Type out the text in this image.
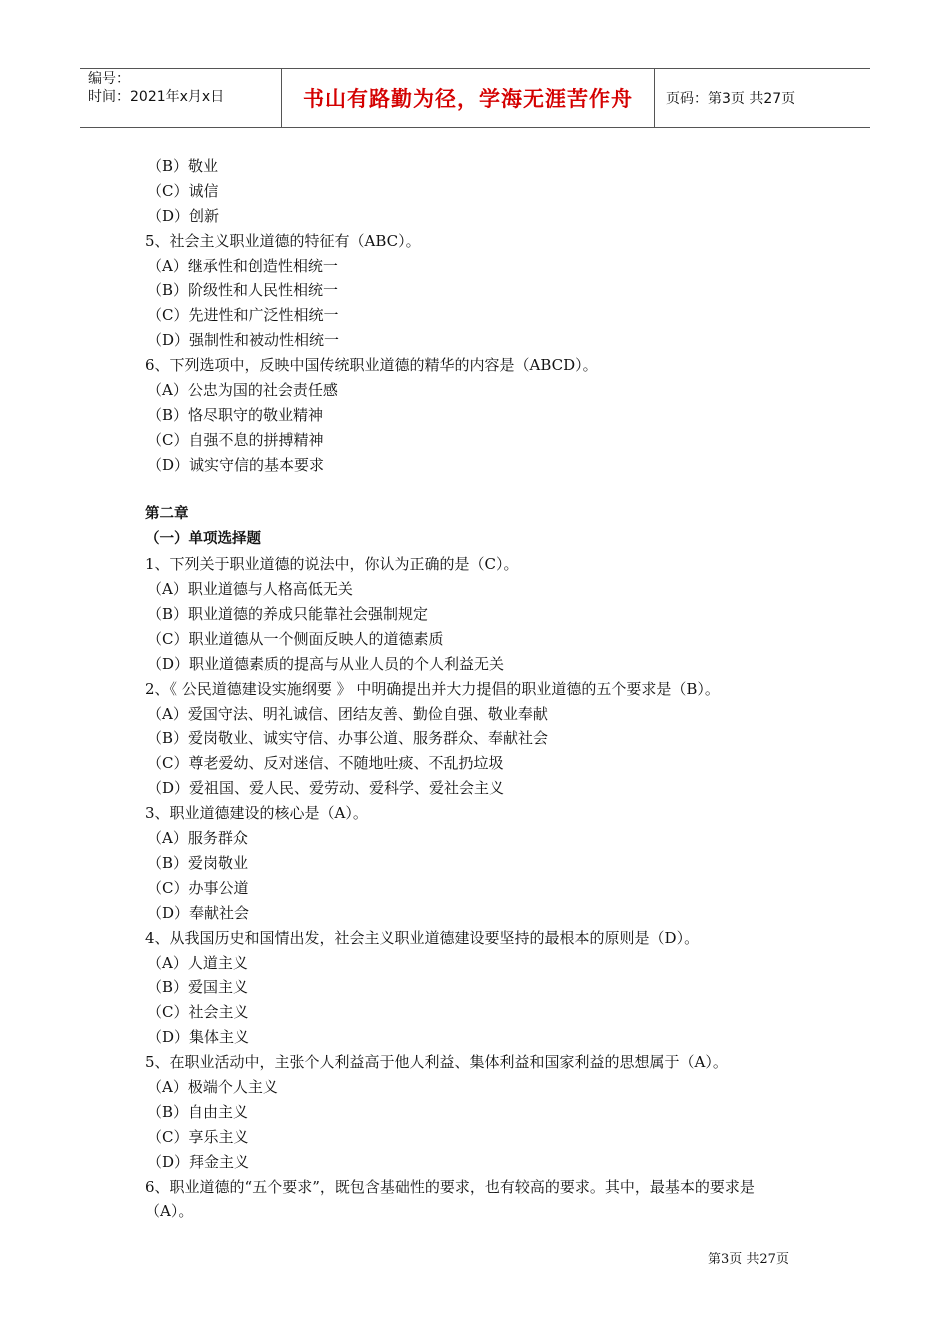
编号：
时间：2021年x月x日	书山有路勤为径，学海无涯苦作舟	页码：第3页 共27页
（B）敬业
（C）诚信
（D）创新
5、社会主义职业道德的特征有（ABC）。
（A）继承性和创造性相统一
（B）阶级性和人民性相统一
（C）先进性和广泛性相统一
（D）强制性和被动性相统一
6、下列选项中，反映中国传统职业道德的精华的内容是（ABCD）。
（A）公忠为国的社会责任感
（B）恪尽职守的敬业精神
（C）自强不息的拼搏精神
（D）诚实守信的基本要求
第二章
（一）单项选择题
1、下列关于职业道德的说法中，你认为正确的是（C）。
（A）职业道德与人格高低无关
（B）职业道德的养成只能靠社会强制规定
（C）职业道德从一个侧面反映人的道德素质
（D）职业道德素质的提高与从业人员的个人利益无关
2、《 公民道德建设实施纲要 》 中明确提出并大力提倡的职业道德的五个要求是（B）。
（A）爱国守法、明礼诚信、团结友善、勤俭自强、敬业奉献
（B）爱岗敬业、诚实守信、办事公道、服务群众、奉献社会
（C）尊老爱幼、反对迷信、不随地吐痰、不乱扔垃圾
（D）爱祖国、爱人民、爱劳动、爱科学、爱社会主义
3、职业道德建设的核心是（A）。
（A）服务群众
（B）爱岗敬业
（C）办事公道
（D）奉献社会
4、从我国历史和国情出发，社会主义职业道德建设要坚持的最根本的原则是（D）。
（A）人道主义
（B）爱国主义
（C）社会主义
（D）集体主义
5、在职业活动中，主张个人利益高于他人利益、集体利益和国家利益的思想属于（A）。
（A）极端个人主义
（B）自由主义
（C）享乐主义
（D）拜金主义
6、职业道德的“五个要求”，既包含基础性的要求，也有较高的要求。其中，最基本的要求是
（A）。
第3页 共27页
